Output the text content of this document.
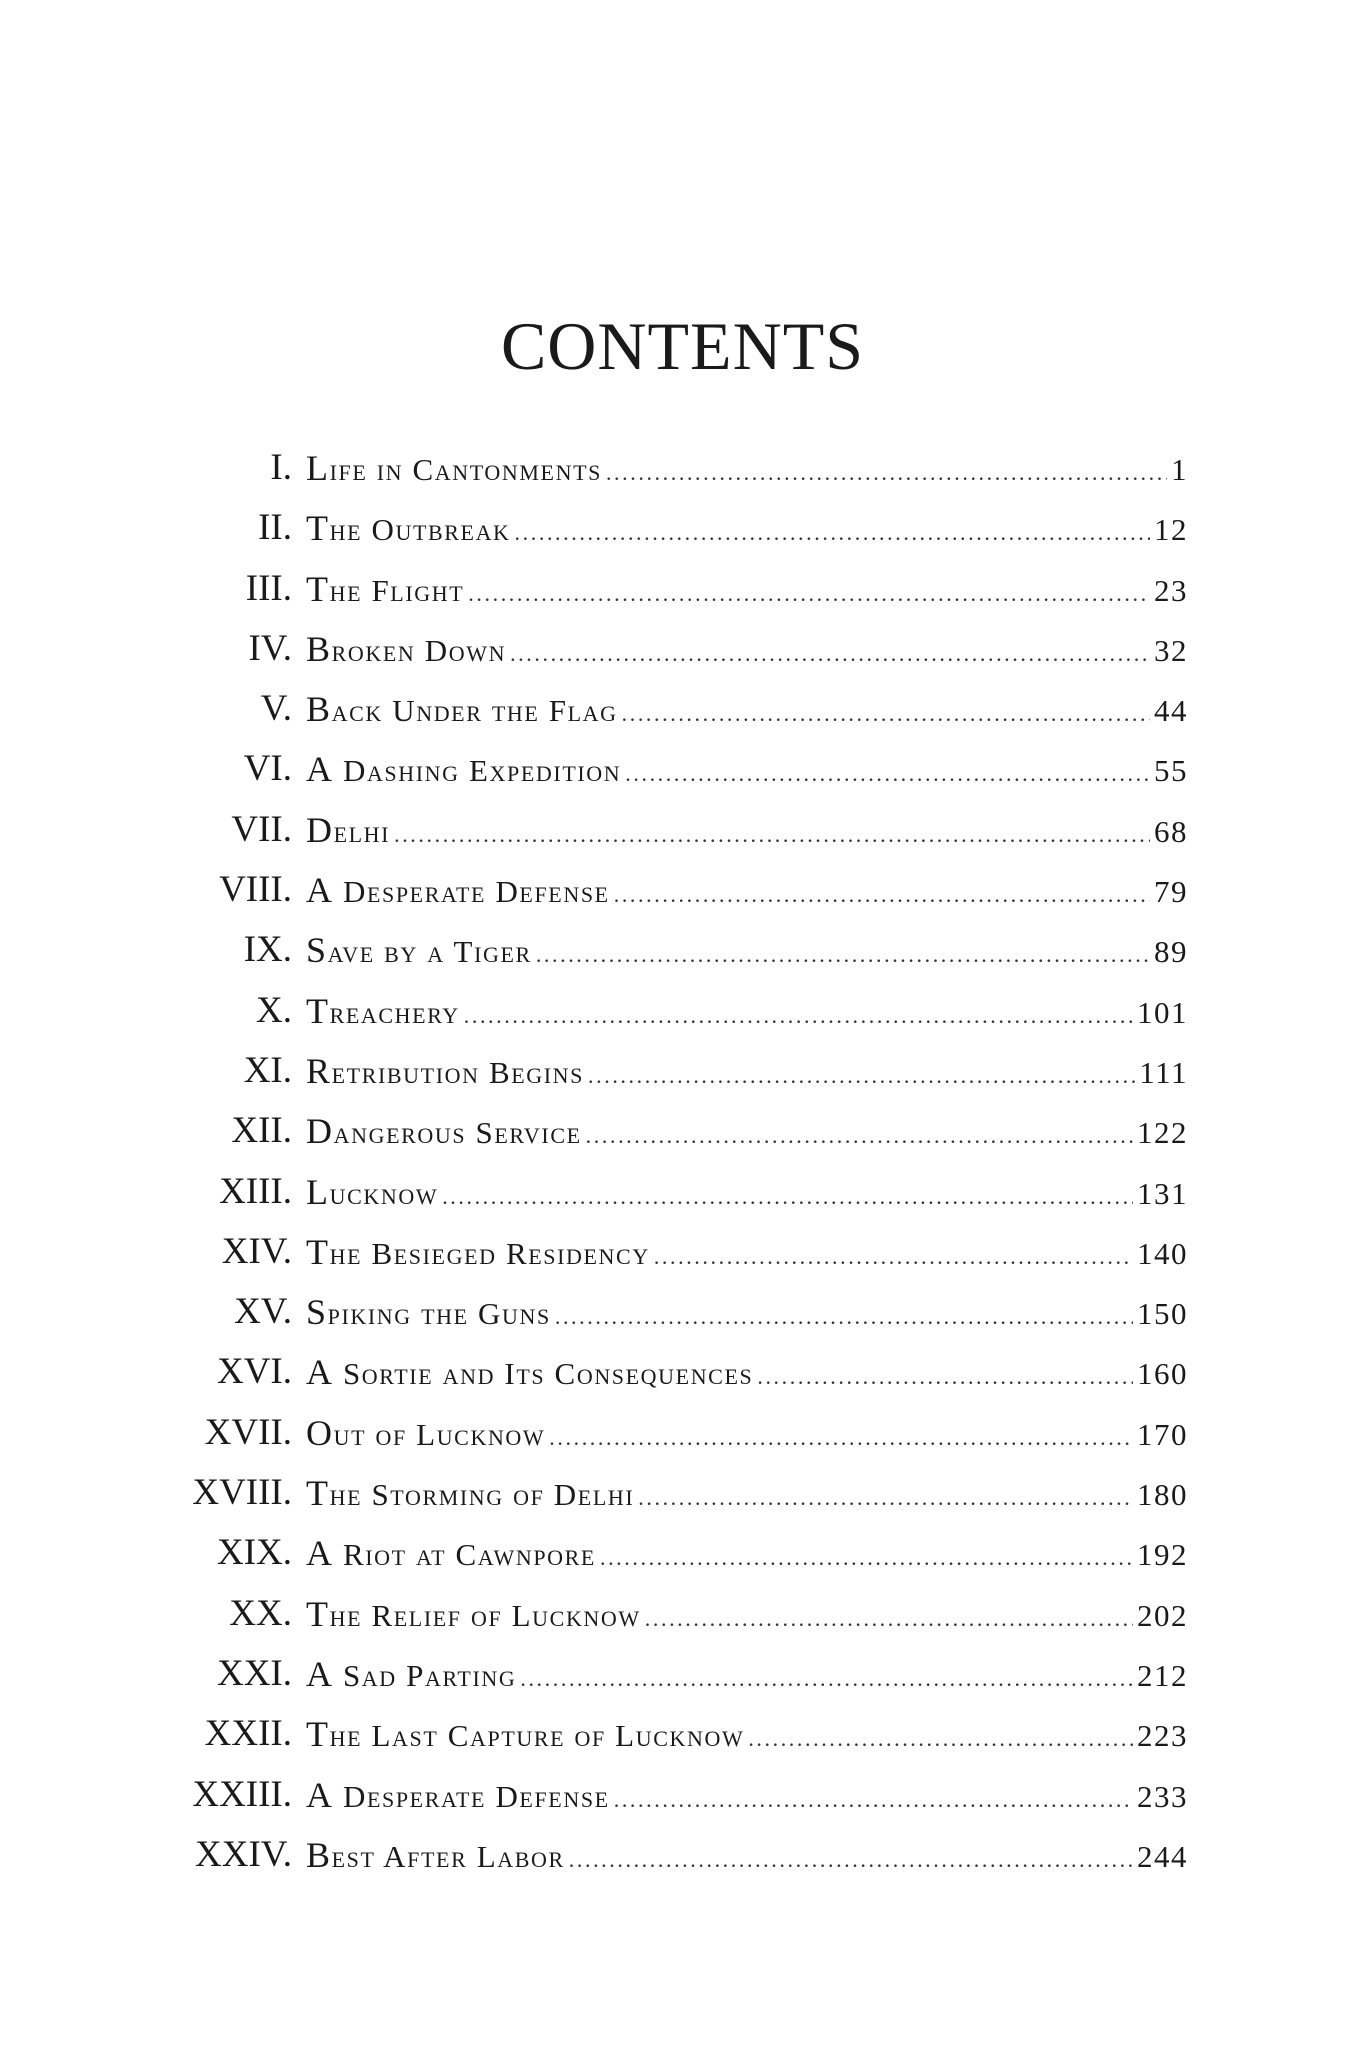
CONTENTS
I. Life in Cantonments .....	1
II. The Outbreak .....	12
III. The Flight .....	23
IV. Broken Down .....	32
V. Back Under the Flag .....	44
VI. A Dashing Expedition .....	55
VII. Delhi .....	68
VIII. A Desperate Defense .....	79
IX. Save by a Tiger .....	89
X. Treachery .....	101
XI. Retribution Begins .....	111
XII. Dangerous Service .....	122
XIII. Lucknow .....	131
XIV. The Besieged Residency .....	140
XV. Spiking the Guns .....	150
XVI. A Sortie and Its Consequences .....	160
XVII. Out of Lucknow .....	170
XVIII. The Storming of Delhi .....	180
XIX. A Riot at Cawnpore .....	192
XX. The Relief of Lucknow .....	202
XXI. A Sad Parting .....	212
XXII. The Last Capture of Lucknow .....	223
XXIII. A Desperate Defense .....	233
XXIV. Best After Labor .....	244
